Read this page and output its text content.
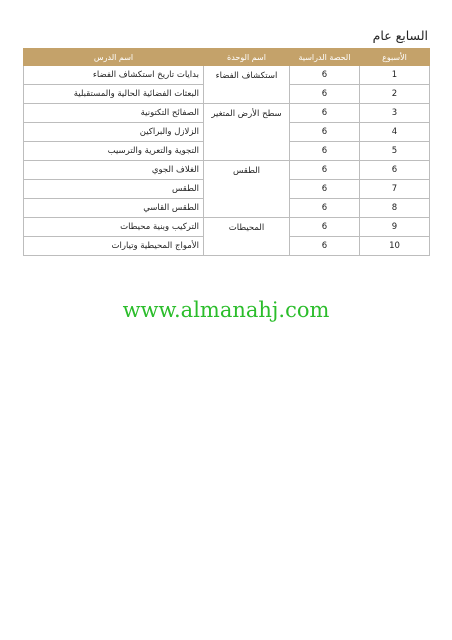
السابع عام
الأسبوع	الحصة الدراسية	اسم الوحدة	اسم الدرس
1	6	استكشاف الفضاء	بدايات تاريخ استكشاف الفضاء
2	6		البعثات الفضائية الحالية والمستقبلية
3	6	سطح الأرض المتغير	الصفائح التكتونية
4	6		الزلازل والبراكين
5	6		التجوية والتعرية والترسيب
6	6	الطقس	الغلاف الجوي
7	6		الطقس
8	6		الطقس القاسي
9	6	المحيطات	التركيب وبنية محيطات
10	6		الأمواج المحيطية وتيارات
www.almanahj.com
